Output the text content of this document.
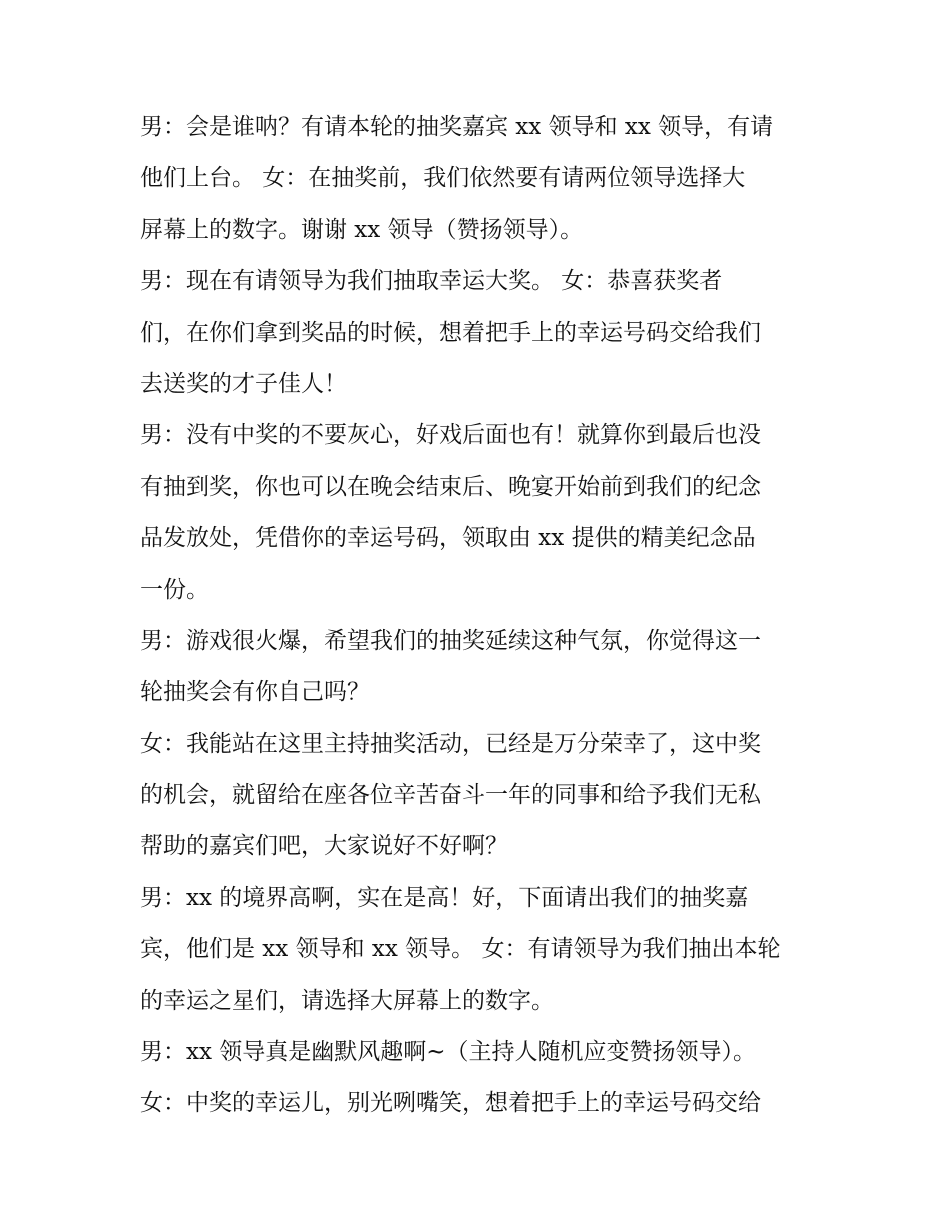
男：会是谁呐？有请本轮的抽奖嘉宾 xx 领导和 xx 领导，有请
他们上台。 女：在抽奖前，我们依然要有请两位领导选择大
屏幕上的数字。谢谢 xx 领导（赞扬领导）。
男：现在有请领导为我们抽取幸运大奖。 女：恭喜获奖者
们，在你们拿到奖品的时候，想着把手上的幸运号码交给我们
去送奖的才子佳人！
男：没有中奖的不要灰心，好戏后面也有！就算你到最后也没
有抽到奖，你也可以在晚会结束后、晚宴开始前到我们的纪念
品发放处，凭借你的幸运号码，领取由 xx 提供的精美纪念品
一份。
男：游戏很火爆，希望我们的抽奖延续这种气氛，你觉得这一
轮抽奖会有你自己吗？
女：我能站在这里主持抽奖活动，已经是万分荣幸了，这中奖
的机会，就留给在座各位辛苦奋斗一年的同事和给予我们无私
帮助的嘉宾们吧，大家说好不好啊？
男：xx 的境界高啊，实在是高！好，下面请出我们的抽奖嘉
宾，他们是 xx 领导和 xx 领导。 女：有请领导为我们抽出本轮
的幸运之星们，请选择大屏幕上的数字。
男：xx 领导真是幽默风趣啊~（主持人随机应变赞扬领导）。
女：中奖的幸运儿，别光咧嘴笑，想着把手上的幸运号码交给
